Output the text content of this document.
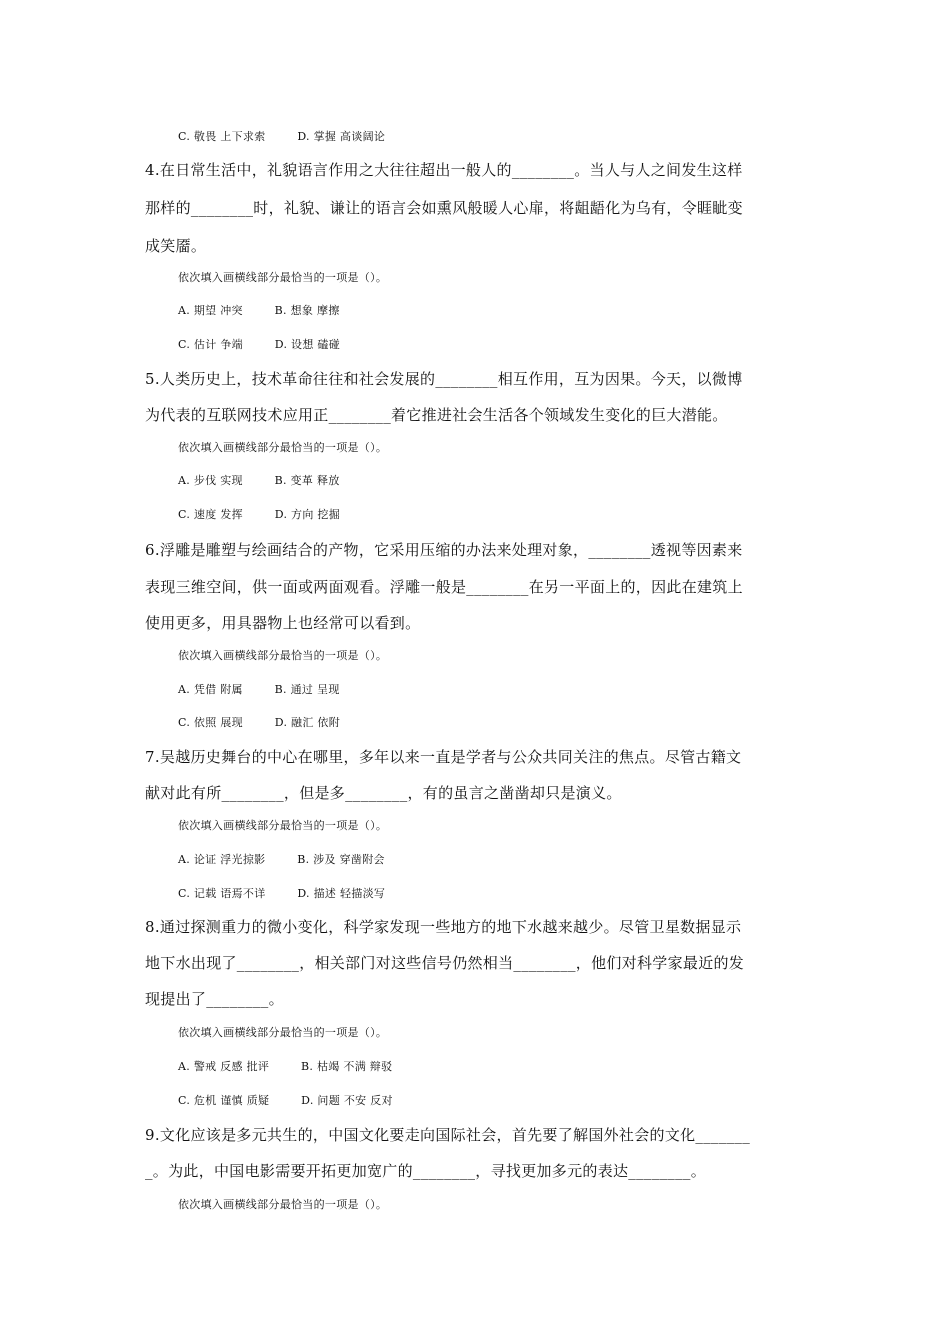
C. 敬畏 上下求索	D. 掌握 高谈阔论
4.在日常生活中，礼貌语言作用之大往往超出一般人的________。当人与人之间发生这样
那样的________时，礼貌、谦让的语言会如熏风般暖人心扉，将龃龉化为乌有，令睚眦变
成笑靥。
依次填入画横线部分最恰当的一项是（）。
A. 期望 冲突	B. 想象 摩擦
C. 估计 争端	D. 设想 磕碰
5.人类历史上，技术革命往往和社会发展的________相互作用，互为因果。今天，以微博
为代表的互联网技术应用正________着它推进社会生活各个领域发生变化的巨大潜能。
依次填入画横线部分最恰当的一项是（）。
A. 步伐 实现	B. 变革 释放
C. 速度 发挥	D. 方向 挖掘
6.浮雕是雕塑与绘画结合的产物，它采用压缩的办法来处理对象，________透视等因素来
表现三维空间，供一面或两面观看。浮雕一般是________在另一平面上的，因此在建筑上
使用更多，用具器物上也经常可以看到。
依次填入画横线部分最恰当的一项是（）。
A. 凭借 附属	B. 通过 呈现
C. 依照 展现	D. 融汇 依附
7.吴越历史舞台的中心在哪里，多年以来一直是学者与公众共同关注的焦点。尽管古籍文
献对此有所________，但是多________，有的虽言之凿凿却只是演义。
依次填入画横线部分最恰当的一项是（）。
A. 论证 浮光掠影	B. 涉及 穿凿附会
C. 记载 语焉不详	D. 描述 轻描淡写
8.通过探测重力的微小变化，科学家发现一些地方的地下水越来越少。尽管卫星数据显示
地下水出现了________，相关部门对这些信号仍然相当________，他们对科学家最近的发
现提出了________。
依次填入画横线部分最恰当的一项是（）。
A. 警戒 反感 批评	B. 枯竭 不满 辩驳
C. 危机 谨慎 质疑	D. 问题 不安 反对
9.文化应该是多元共生的，中国文化要走向国际社会，首先要了解国外社会的文化_______
_。为此，中国电影需要开拓更加宽广的________，寻找更加多元的表达________。
依次填入画横线部分最恰当的一项是（）。
